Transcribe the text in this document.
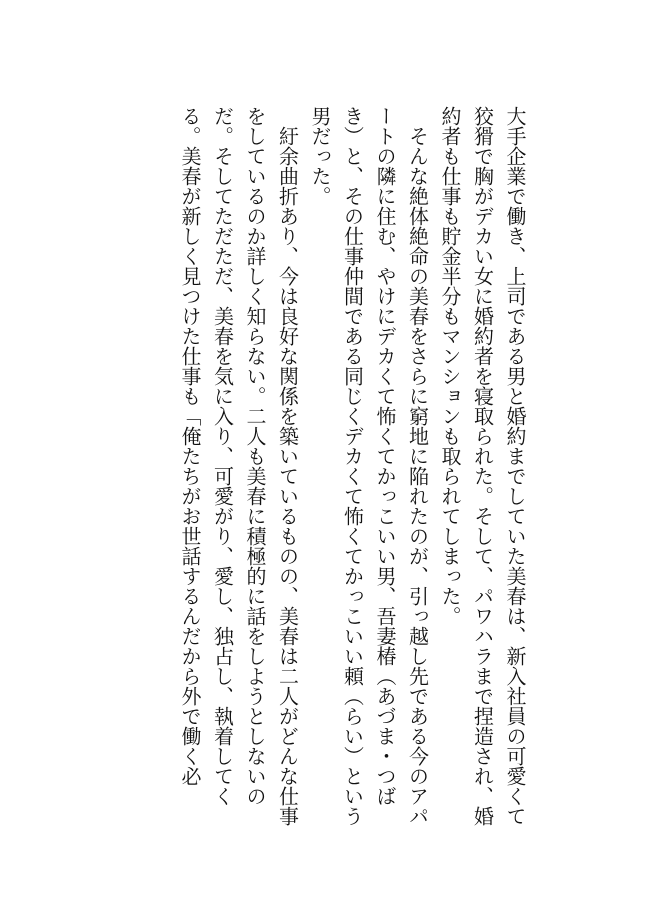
大手企業で働き、上司である男と婚約までしていた美春は、新入社員の可愛くて狡猾で胸がデカい女に婚約者を寝取られた。そして、パワハラまで捏造され、婚約者も仕事も貯金半分もマンションも取られてしまった。

そんな絶体絶命の美春をさらに窮地に陥れたのが、引っ越し先である今のアパートの隣に住む、やけにデカくて怖くてかっこいい男、吾妻椿（あづま・つばき）と、その仕事仲間である同じくデカくて怖くてかっこいい頼（らい）という男だった。

紆余曲折あり、今は良好な関係を築いているものの、美春は二人がどんな仕事をしているのか詳しく知らない。二人も美春に積極的に話をしようとしないのだ。そしてただただ、美春を気に入り、可愛がり、愛し、独占し、執着してくる。美春が新しく見つけた仕事も「俺たちがお世話するんだから外で働く必
